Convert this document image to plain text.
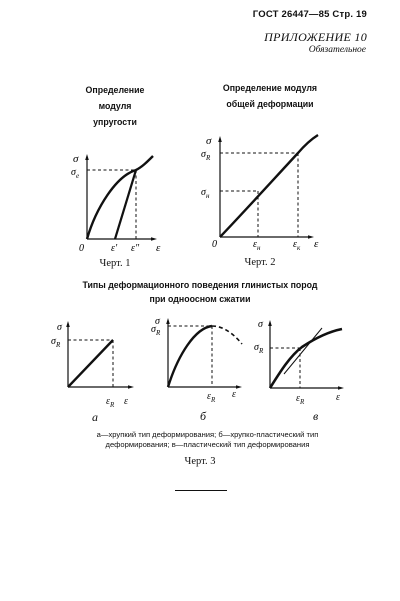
ГОСТ 26447—85 Стр. 19
ПРИЛОЖЕНИЕ 10
Обязательное
Определение
модуля
упругости
Определение модуля
общей деформации
σ
$\sigma_е$
0	ε′ ε″ ε
σ
$\sigma_R$
$\sigma_н$
0	$\varepsilon_н$	$\varepsilon_к$ ε
Черт. 1	Черт. 2
Типы деформационного поведения глинистых пород
при одноосном сжатии
σ
$\sigma_R$
$\varepsilon_R$ ε
а
σ
$\sigma_R$
$\varepsilon_R$ ε
б
σ
$\sigma_R$
$\varepsilon_R$	ε
в
а—хрупкий тип деформирования; б—хрупко-пластический тип
деформирования; в—пластический тип деформирования
Черт. 3
